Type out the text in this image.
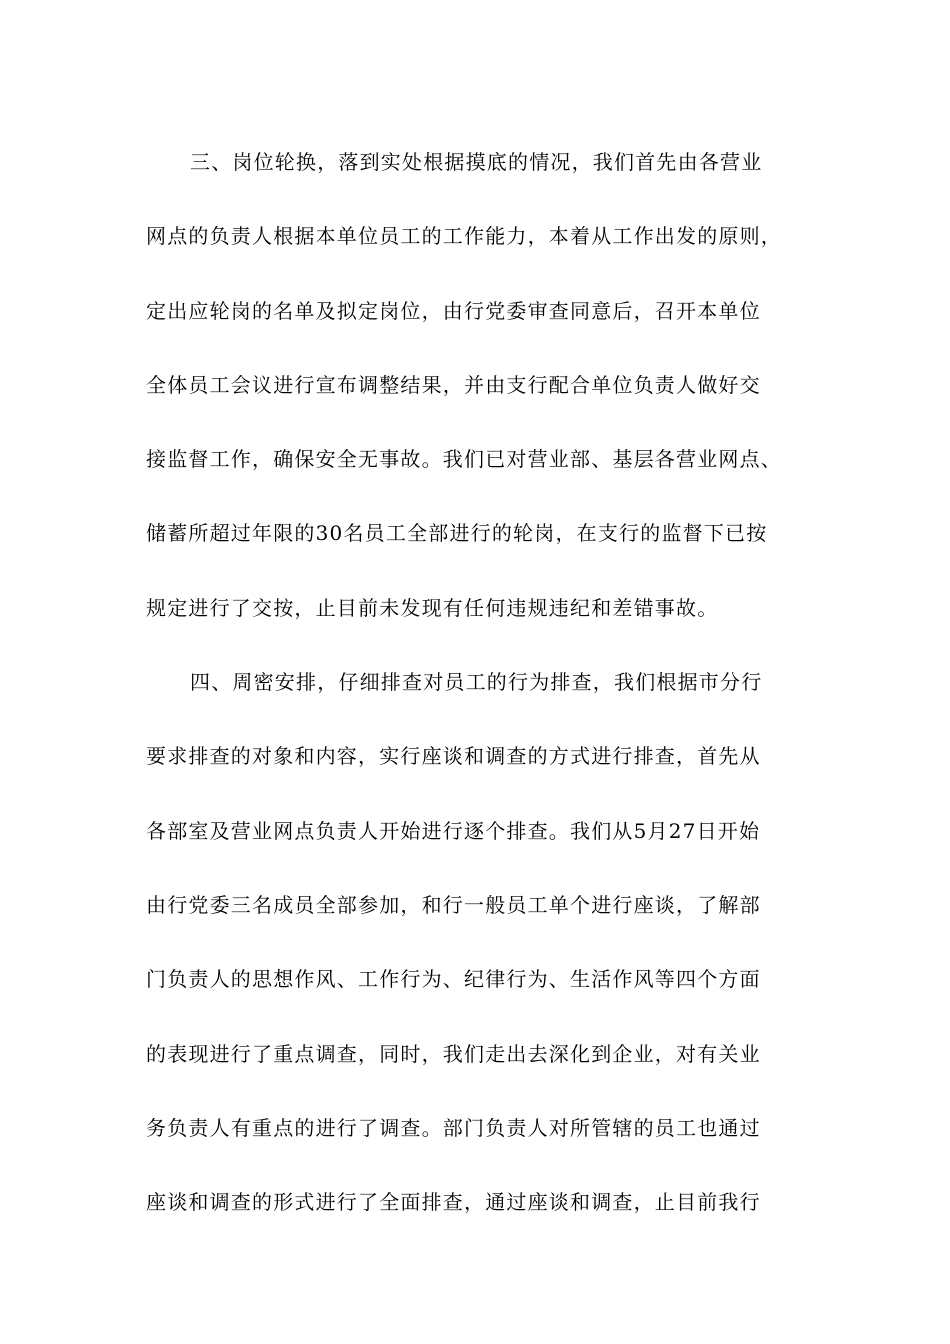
三、岗位轮换，落到实处根据摸底的情况，我们首先由各营业
网点的负责人根据本单位员工的工作能力，本着从工作出发的原则，
定出应轮岗的名单及拟定岗位，由行党委审查同意后，召开本单位
全体员工会议进行宣布调整结果，并由支行配合单位负责人做好交
接监督工作，确保安全无事故。我们已对营业部、基层各营业网点、
储蓄所超过年限的30名员工全部进行的轮岗，在支行的监督下已按
规定进行了交按，止目前未发现有任何违规违纪和差错事故。
四、周密安排，仔细排查对员工的行为排查，我们根据市分行
要求排查的对象和内容，实行座谈和调查的方式进行排查，首先从
各部室及营业网点负责人开始进行逐个排查。我们从5月27日开始
由行党委三名成员全部参加，和行一般员工单个进行座谈，了解部
门负责人的思想作风、工作行为、纪律行为、生活作风等四个方面
的表现进行了重点调查，同时，我们走出去深化到企业，对有关业
务负责人有重点的进行了调查。部门负责人对所管辖的员工也通过
座谈和调查的形式进行了全面排查，通过座谈和调查，止目前我行
